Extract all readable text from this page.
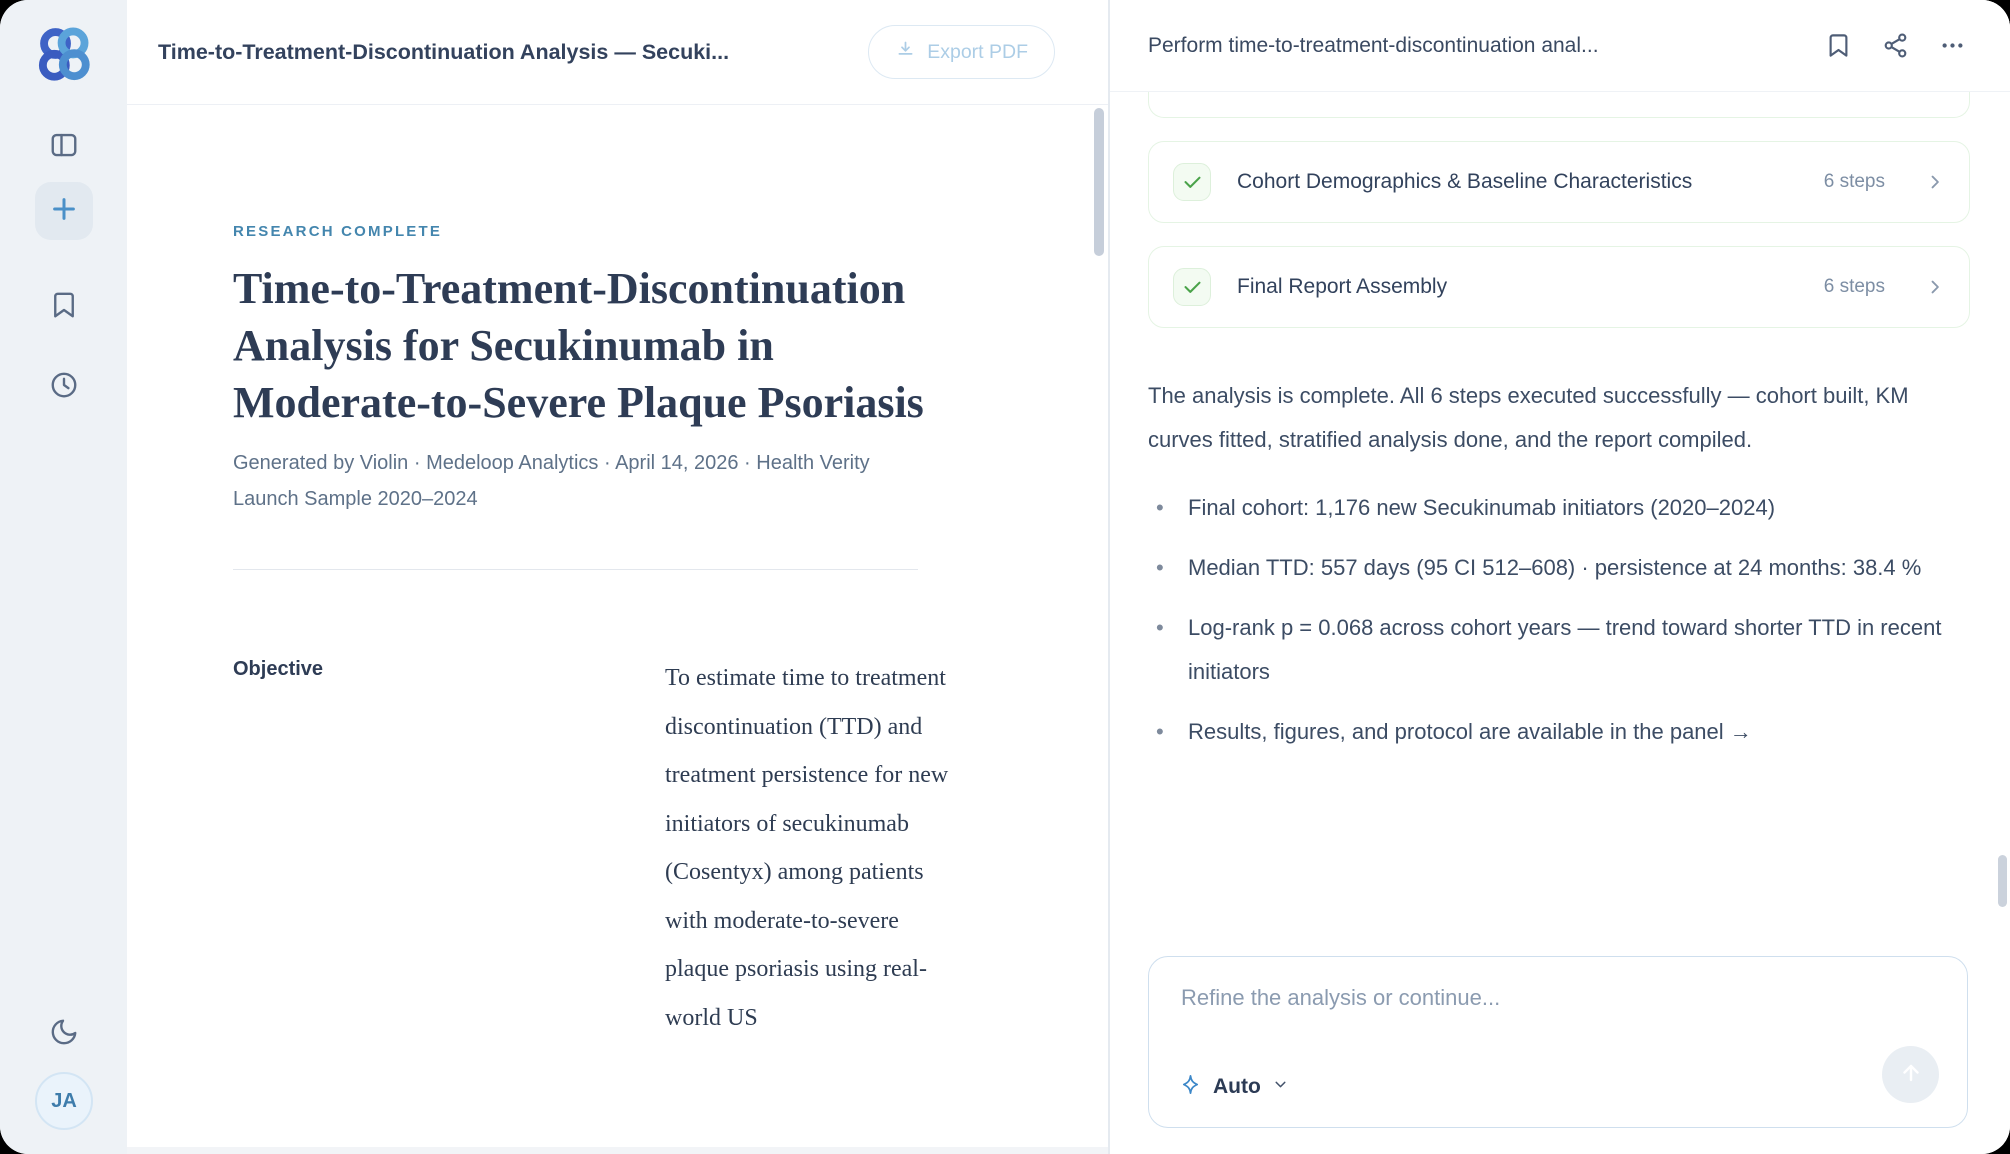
JA
Time-to-Treatment-Discontinuation Analysis — Secuki...	Export PDF
RESEARCH COMPLETE
Time-to-Treatment-Discontinuation Analysis for Secukinumab in Moderate-to-Severe Plaque Psoriasis
Generated by Violin · Medeloop Analytics · April 14, 2026 · Health Verity Launch Sample 2020–2024
Objective	To estimate time to treatment discontinuation (TTD) and treatment persistence for new initiators of secukinumab (Cosentyx) among patients with moderate-to-severe plaque psoriasis using real-world US
Perform time-to-treatment-discontinuation anal...
Cohort Demographics & Baseline Characteristics	6 steps
Final Report Assembly	6 steps
The analysis is complete. All 6 steps executed successfully — cohort built, KM curves fitted, stratified analysis done, and the report compiled.
• Final cohort: 1,176 new Secukinumab initiators (2020–2024)
• Median TTD: 557 days (95 CI 512–608) · persistence at 24 months: 38.4 %
• Log-rank p = 0.068 across cohort years — trend toward shorter TTD in recent initiators
• Results, figures, and protocol are available in the panel →
Refine the analysis or continue...
Auto
